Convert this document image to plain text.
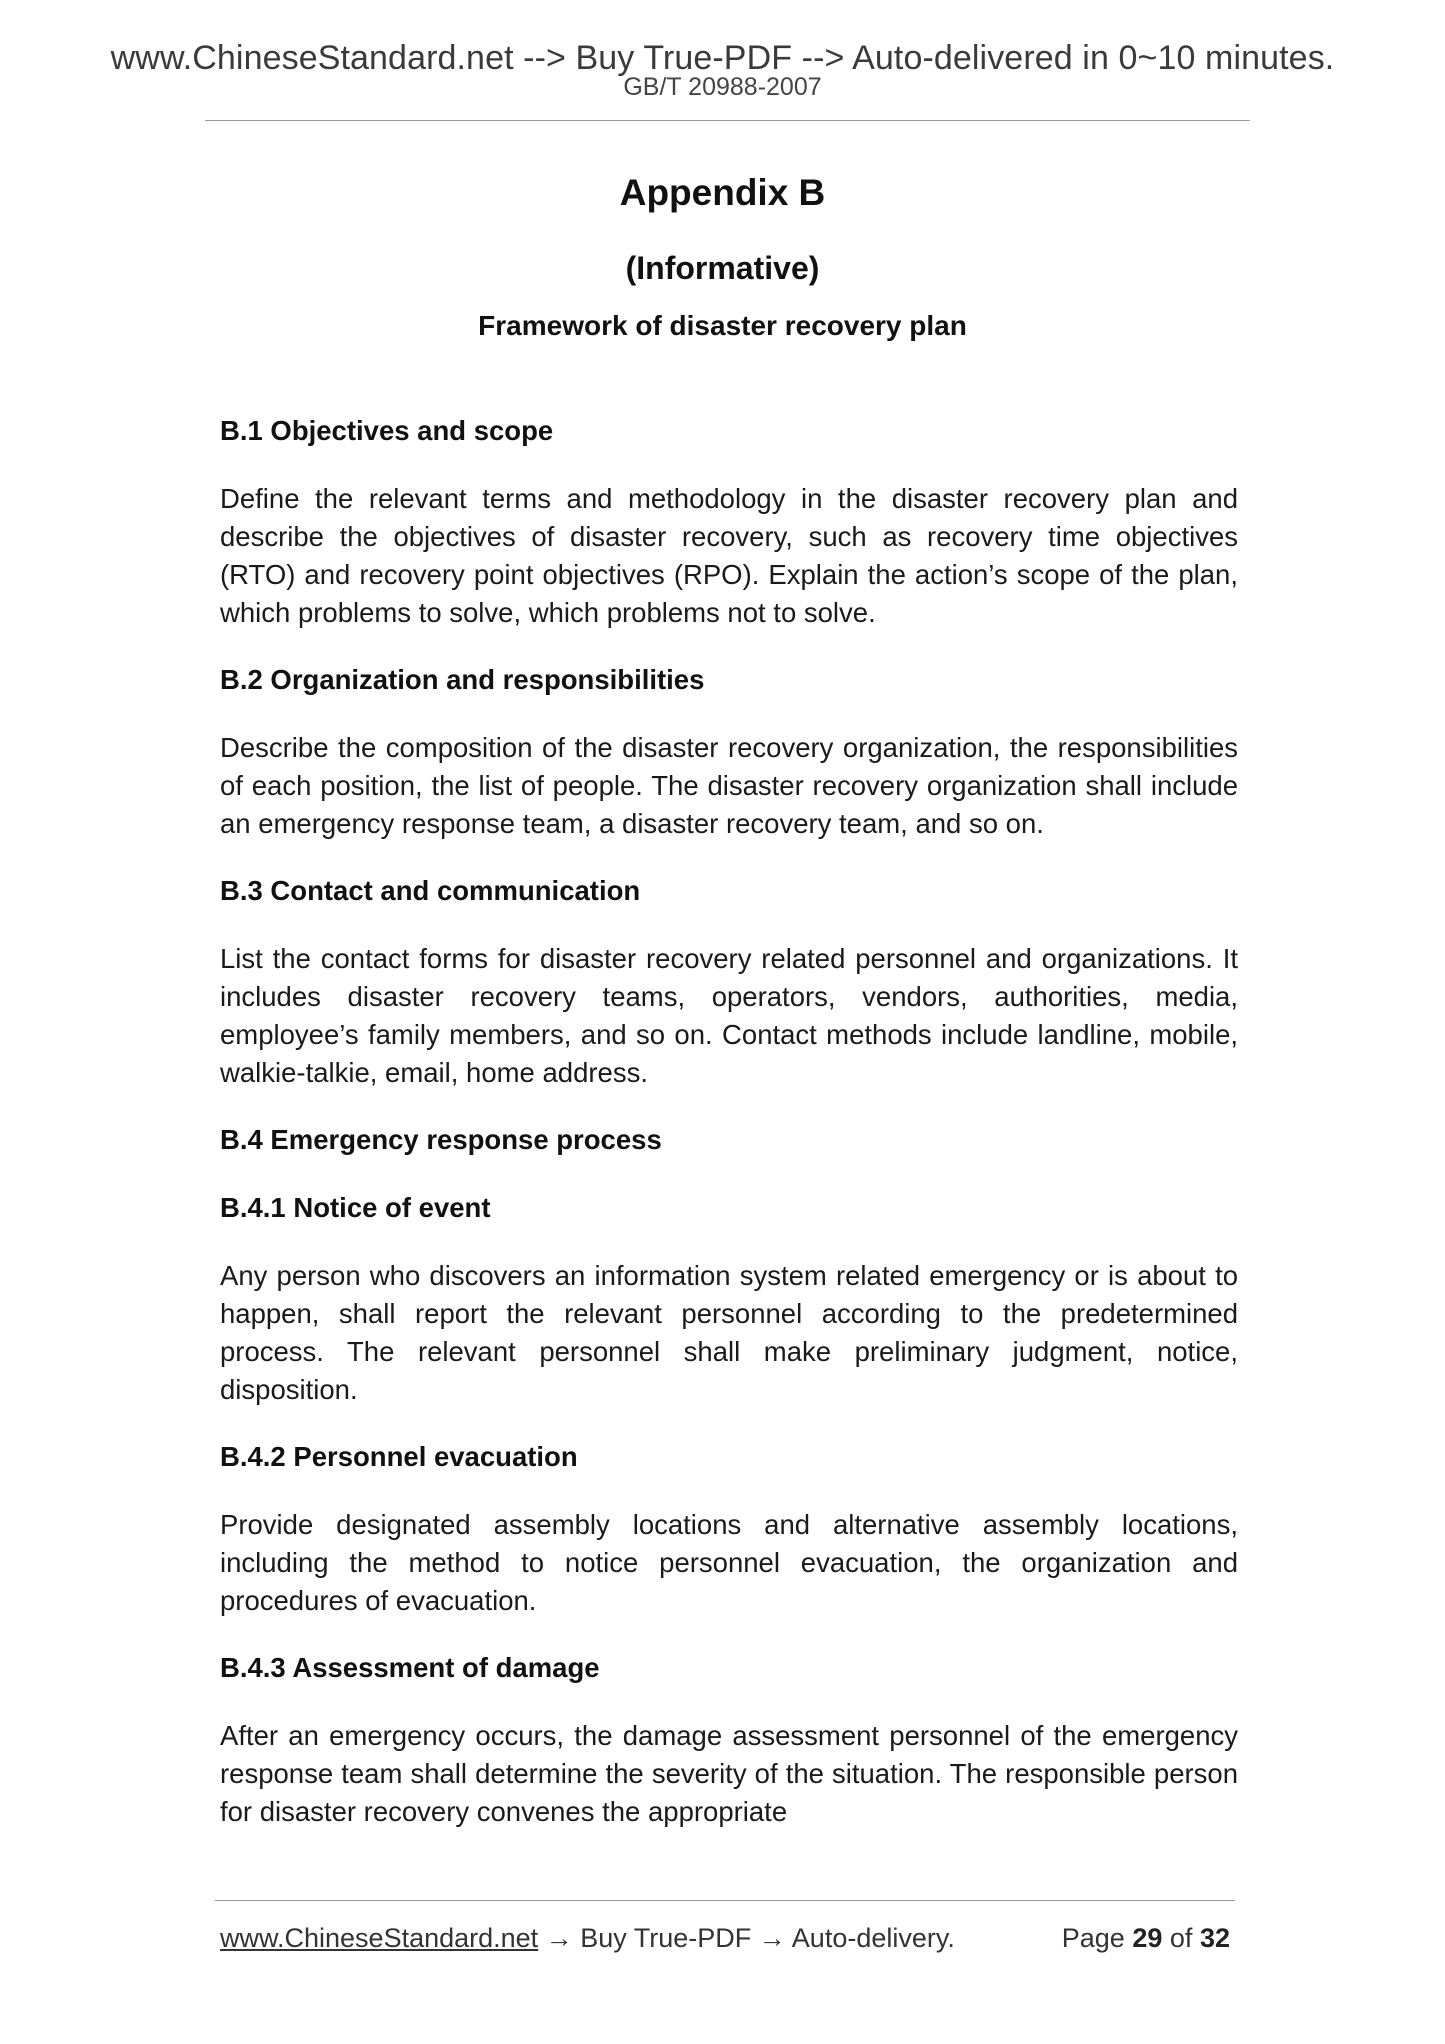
www.ChineseStandard.net --> Buy True-PDF --> Auto-delivered in 0~10 minutes.
GB/T 20988-2007
Appendix B
(Informative)
Framework of disaster recovery plan
B.1 Objectives and scope

Define the relevant terms and methodology in the disaster recovery plan and describe the objectives of disaster recovery, such as recovery time objectives (RTO) and recovery point objectives (RPO). Explain the action’s scope of the plan, which problems to solve, which problems not to solve.

B.2 Organization and responsibilities

Describe the composition of the disaster recovery organization, the responsibilities of each position, the list of people. The disaster recovery organization shall include an emergency response team, a disaster recovery team, and so on.

B.3 Contact and communication

List the contact forms for disaster recovery related personnel and organizations. It includes disaster recovery teams, operators, vendors, authorities, media, employee’s family members, and so on. Contact methods include landline, mobile, walkie-talkie, email, home address.

B.4 Emergency response process
B.4.1 Notice of event

Any person who discovers an information system related emergency or is about to happen, shall report the relevant personnel according to the predetermined process. The relevant personnel shall make preliminary judgment, notice, disposition.

B.4.2 Personnel evacuation

Provide designated assembly locations and alternative assembly locations, including the method to notice personnel evacuation, the organization and procedures of evacuation.

B.4.3 Assessment of damage

After an emergency occurs, the damage assessment personnel of the emergency response team shall determine the severity of the situation. The responsible person for disaster recovery convenes the appropriate

www.ChineseStandard.net → Buy True-PDF → Auto-delivery.	Page 29 of 32
